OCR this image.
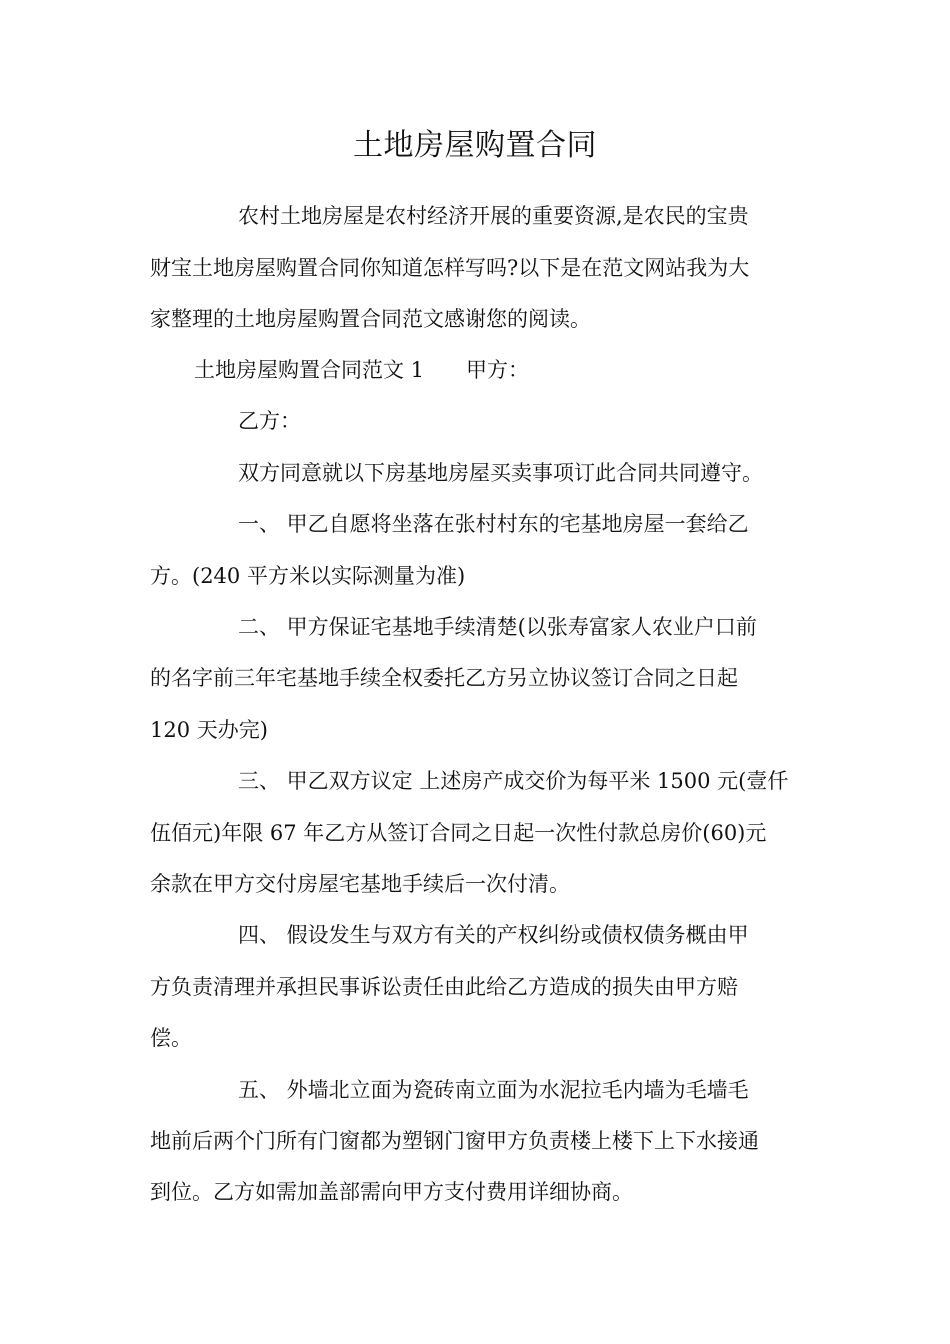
土地房屋购置合同
农村土地房屋是农村经济开展的重要资源,是农民的宝贵
财宝土地房屋购置合同你知道怎样写吗?以下是在范文网站我为大
家整理的土地房屋购置合同范文感谢您的阅读。
土地房屋购置合同范文 1　　甲方：
乙方：
双方同意就以下房基地房屋买卖事项订此合同共同遵守。
一、 甲乙自愿将坐落在张村村东的宅基地房屋一套给乙
方。(240 平方米以实际测量为准)
二、 甲方保证宅基地手续清楚(以张寿富家人农业户口前
的名字前三年宅基地手续全权委托乙方另立协议签订合同之日起
120 天办完)
三、 甲乙双方议定 上述房产成交价为每平米 1500 元(壹仟
伍佰元)年限 67 年乙方从签订合同之日起一次性付款总房价(60)元
余款在甲方交付房屋宅基地手续后一次付清。
四、 假设发生与双方有关的产权纠纷或债权债务概由甲
方负责清理并承担民事诉讼责任由此给乙方造成的损失由甲方赔
偿。
五、 外墙北立面为瓷砖南立面为水泥拉毛内墙为毛墙毛
地前后两个门所有门窗都为塑钢门窗甲方负责楼上楼下上下水接通
到位。乙方如需加盖部需向甲方支付费用详细协商。
